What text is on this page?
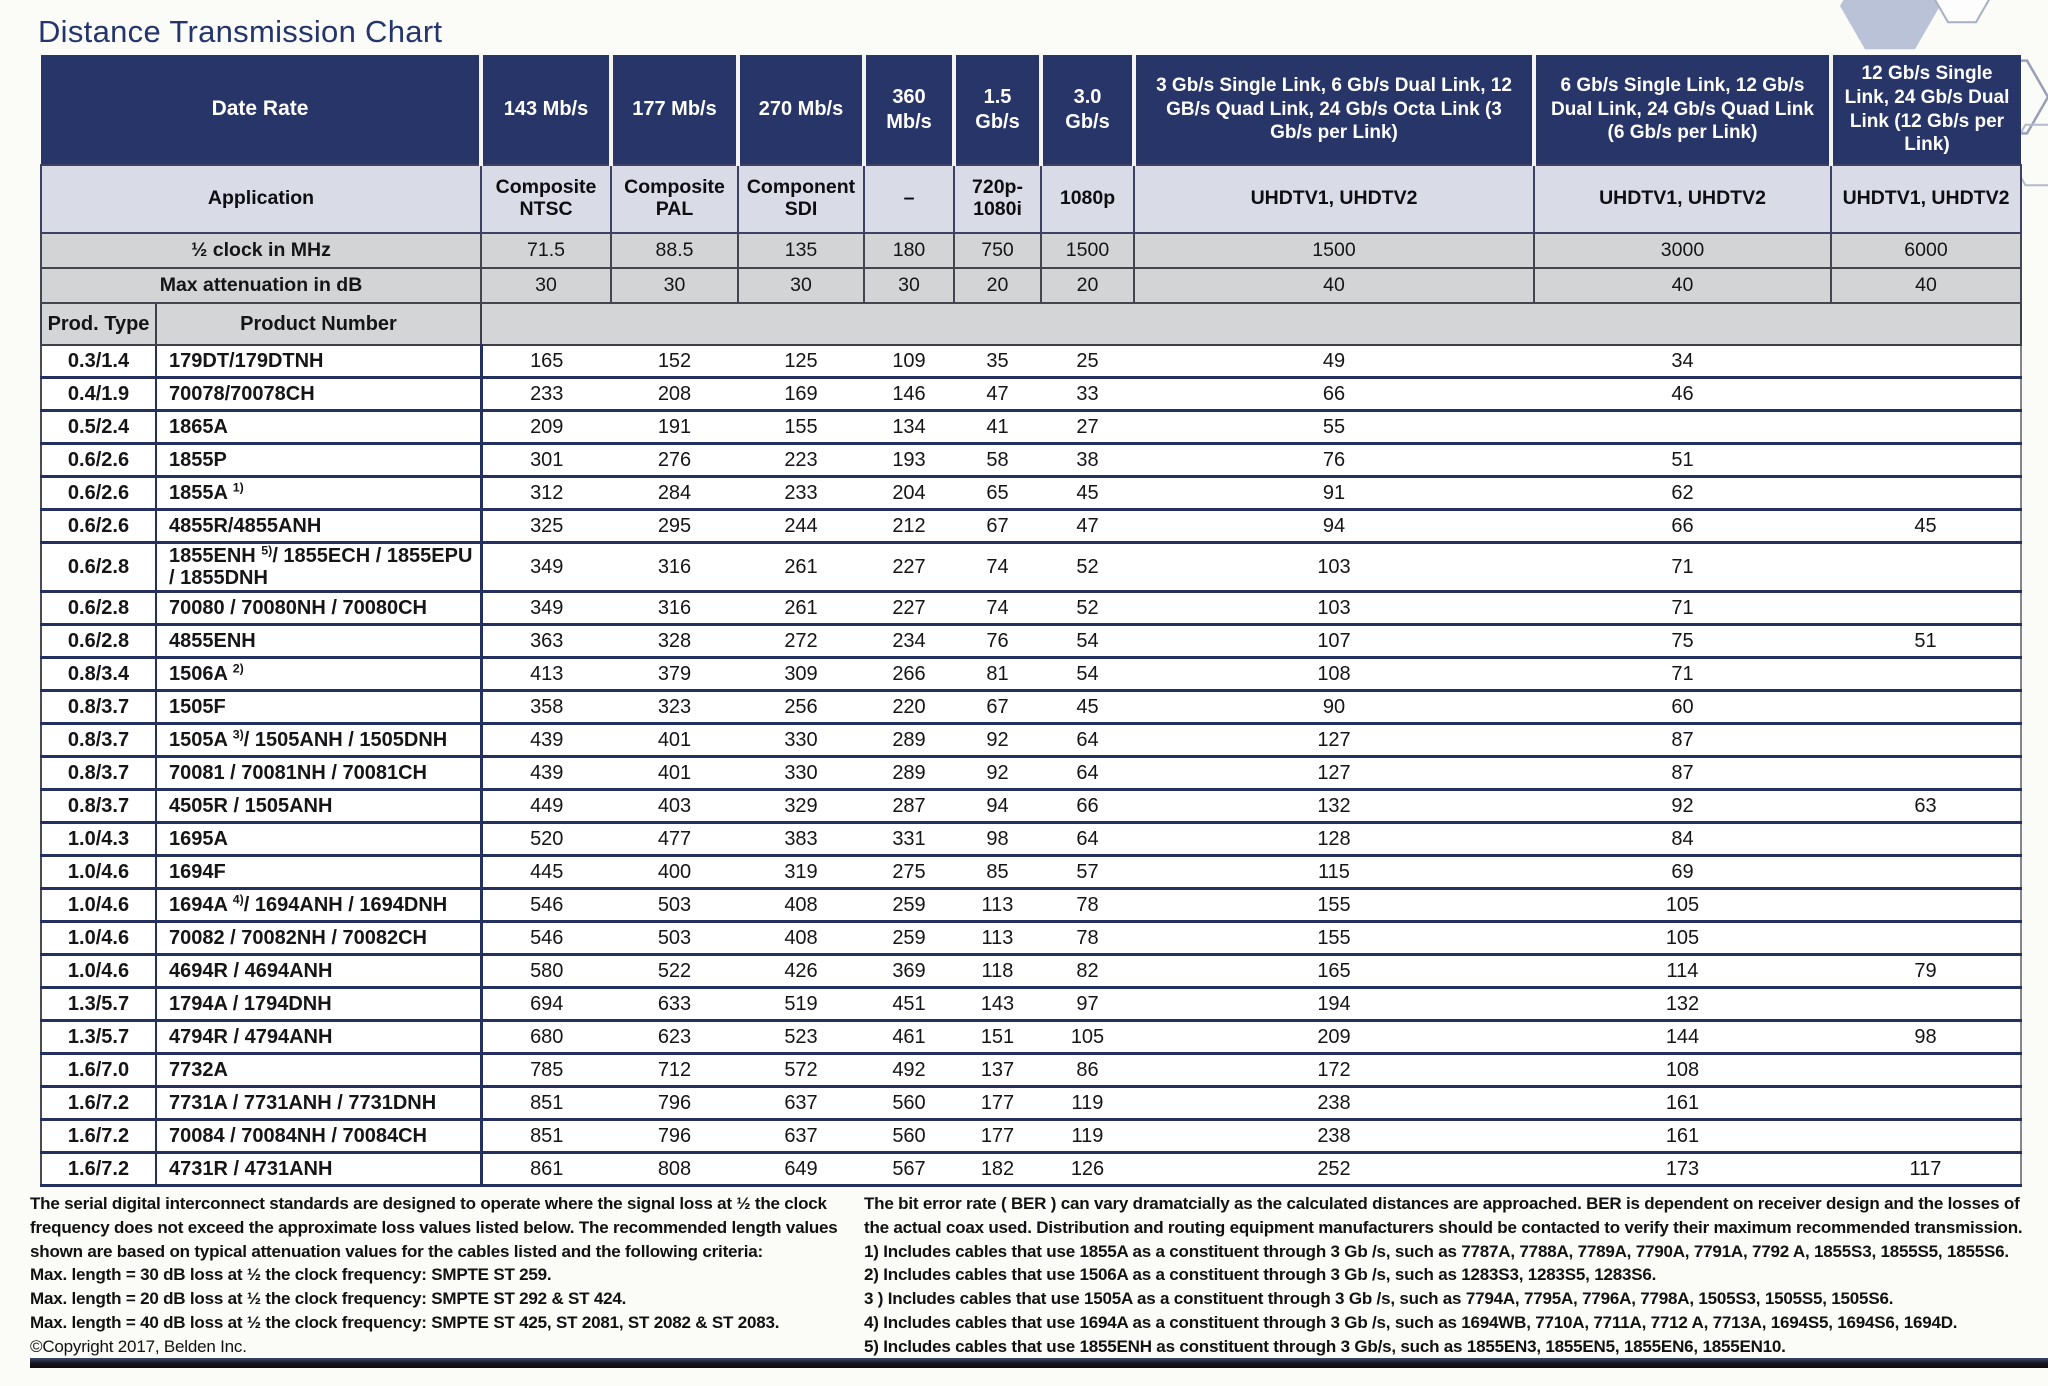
Distance Transmission Chart
Date Rate		143 Mb/s	177 Mb/s	270 Mb/s	360 Mb/s	1.5 Gb/s	3.0 Gb/s	3 Gb/s Single Link, 6 Gb/s Dual Link, 12 GB/s Quad Link, 24 Gb/s Octa Link (3 Gb/s per Link)	6 Gb/s Single Link, 12 Gb/s Dual Link, 24 Gb/s Quad Link (6 Gb/s per Link)	12 Gb/s Single Link, 24 Gb/s Dual Link (12 Gb/s per Link)
Application		Composite NTSC	Composite PAL	Component SDI	–	720p-1080i	1080p	UHDTV1, UHDTV2	UHDTV1, UHDTV2	UHDTV1, UHDTV2
½ clock in MHz		71.5	88.5	135	180	750	1500	1500	3000	6000
Max attenuation in dB		30	30	30	30	20	20	40	40	40
Prod. Type	Product Number									
0.3/1.4	179DT/179DTNH	165	152	125	109	35	25	49	34	
0.4/1.9	70078/70078CH	233	208	169	146	47	33	66	46	
0.5/2.4	1865A	209	191	155	134	41	27	55		
0.6/2.6	1855P	301	276	223	193	58	38	76	51	
0.6/2.6	1855A $^{1)}$	312	284	233	204	65	45	91	62	
0.6/2.6	4855R/4855ANH	325	295	244	212	67	47	94	66	45
0.6/2.8	1855ENH $^{5)}$/ 1855ECH / 1855EPU / 1855DNH	349	316	261	227	74	52	103	71	
0.6/2.8	70080 / 70080NH / 70080CH	349	316	261	227	74	52	103	71	
0.6/2.8	4855ENH	363	328	272	234	76	54	107	75	51
0.8/3.4	1506A $^{2)}$	413	379	309	266	81	54	108	71	
0.8/3.7	1505F	358	323	256	220	67	45	90	60	
0.8/3.7	1505A $^{3)}$/ 1505ANH / 1505DNH	439	401	330	289	92	64	127	87	
0.8/3.7	70081 / 70081NH / 70081CH	439	401	330	289	92	64	127	87	
0.8/3.7	4505R / 1505ANH	449	403	329	287	94	66	132	92	63
1.0/4.3	1695A	520	477	383	331	98	64	128	84	
1.0/4.6	1694F	445	400	319	275	85	57	115	69	
1.0/4.6	1694A $^{4)}$/ 1694ANH / 1694DNH	546	503	408	259	113	78	155	105	
1.0/4.6	70082 / 70082NH / 70082CH	546	503	408	259	113	78	155	105	
1.0/4.6	4694R / 4694ANH	580	522	426	369	118	82	165	114	79
1.3/5.7	1794A / 1794DNH	694	633	519	451	143	97	194	132	
1.3/5.7	4794R / 4794ANH	680	623	523	461	151	105	209	144	98
1.6/7.0	7732A	785	712	572	492	137	86	172	108	
1.6/7.2	7731A / 7731ANH / 7731DNH	851	796	637	560	177	119	238	161	
1.6/7.2	70084 / 70084NH / 70084CH	851	796	637	560	177	119	238	161	
1.6/7.2	4731R / 4731ANH	861	808	649	567	182	126	252	173	117

The serial digital interconnect standards are designed to operate where the signal loss at ½ the clock frequency does not exceed the approximate loss values listed below. The recommended length values shown are based on typical attenuation values for the cables listed and the following criteria:

Max. length = 30 dB loss at ½ the clock frequency: SMPTE ST 259.
Max. length = 20 dB loss at ½ the clock frequency: SMPTE ST 292 & ST 424.
Max. length = 40 dB loss at ½ the clock frequency: SMPTE ST 425, ST 2081, ST 2082 & ST 2083.

©Copyright 2017, Belden Inc.

The bit error rate ( BER ) can vary dramatcially as the calculated distances are approached. BER is dependent on receiver design and the losses of the actual coax used. Distribution and routing equipment manufacturers should be contacted to verify their maximum recommended transmission.

1) Includes cables that use 1855A as a constituent through 3 Gb /s, such as 7787A, 7788A, 7789A, 7790A, 7791A, 7792 A, 1855S3, 1855S5, 1855S6.
2) Includes cables that use 1506A as a constituent through 3 Gb /s, such as 1283S3, 1283S5, 1283S6.
3 ) Includes cables that use 1505A as a constituent through 3 Gb /s, such as 7794A, 7795A, 7796A, 7798A, 1505S3, 1505S5, 1505S6.
4) Includes cables that use 1694A as a constituent through 3 Gb /s, such as 1694WB, 7710A, 7711A, 7712 A, 7713A, 1694S5, 1694S6, 1694D.
5) Includes cables that use 1855ENH as constituent through 3 Gb/s, such as 1855EN3, 1855EN5, 1855EN6, 1855EN10.
